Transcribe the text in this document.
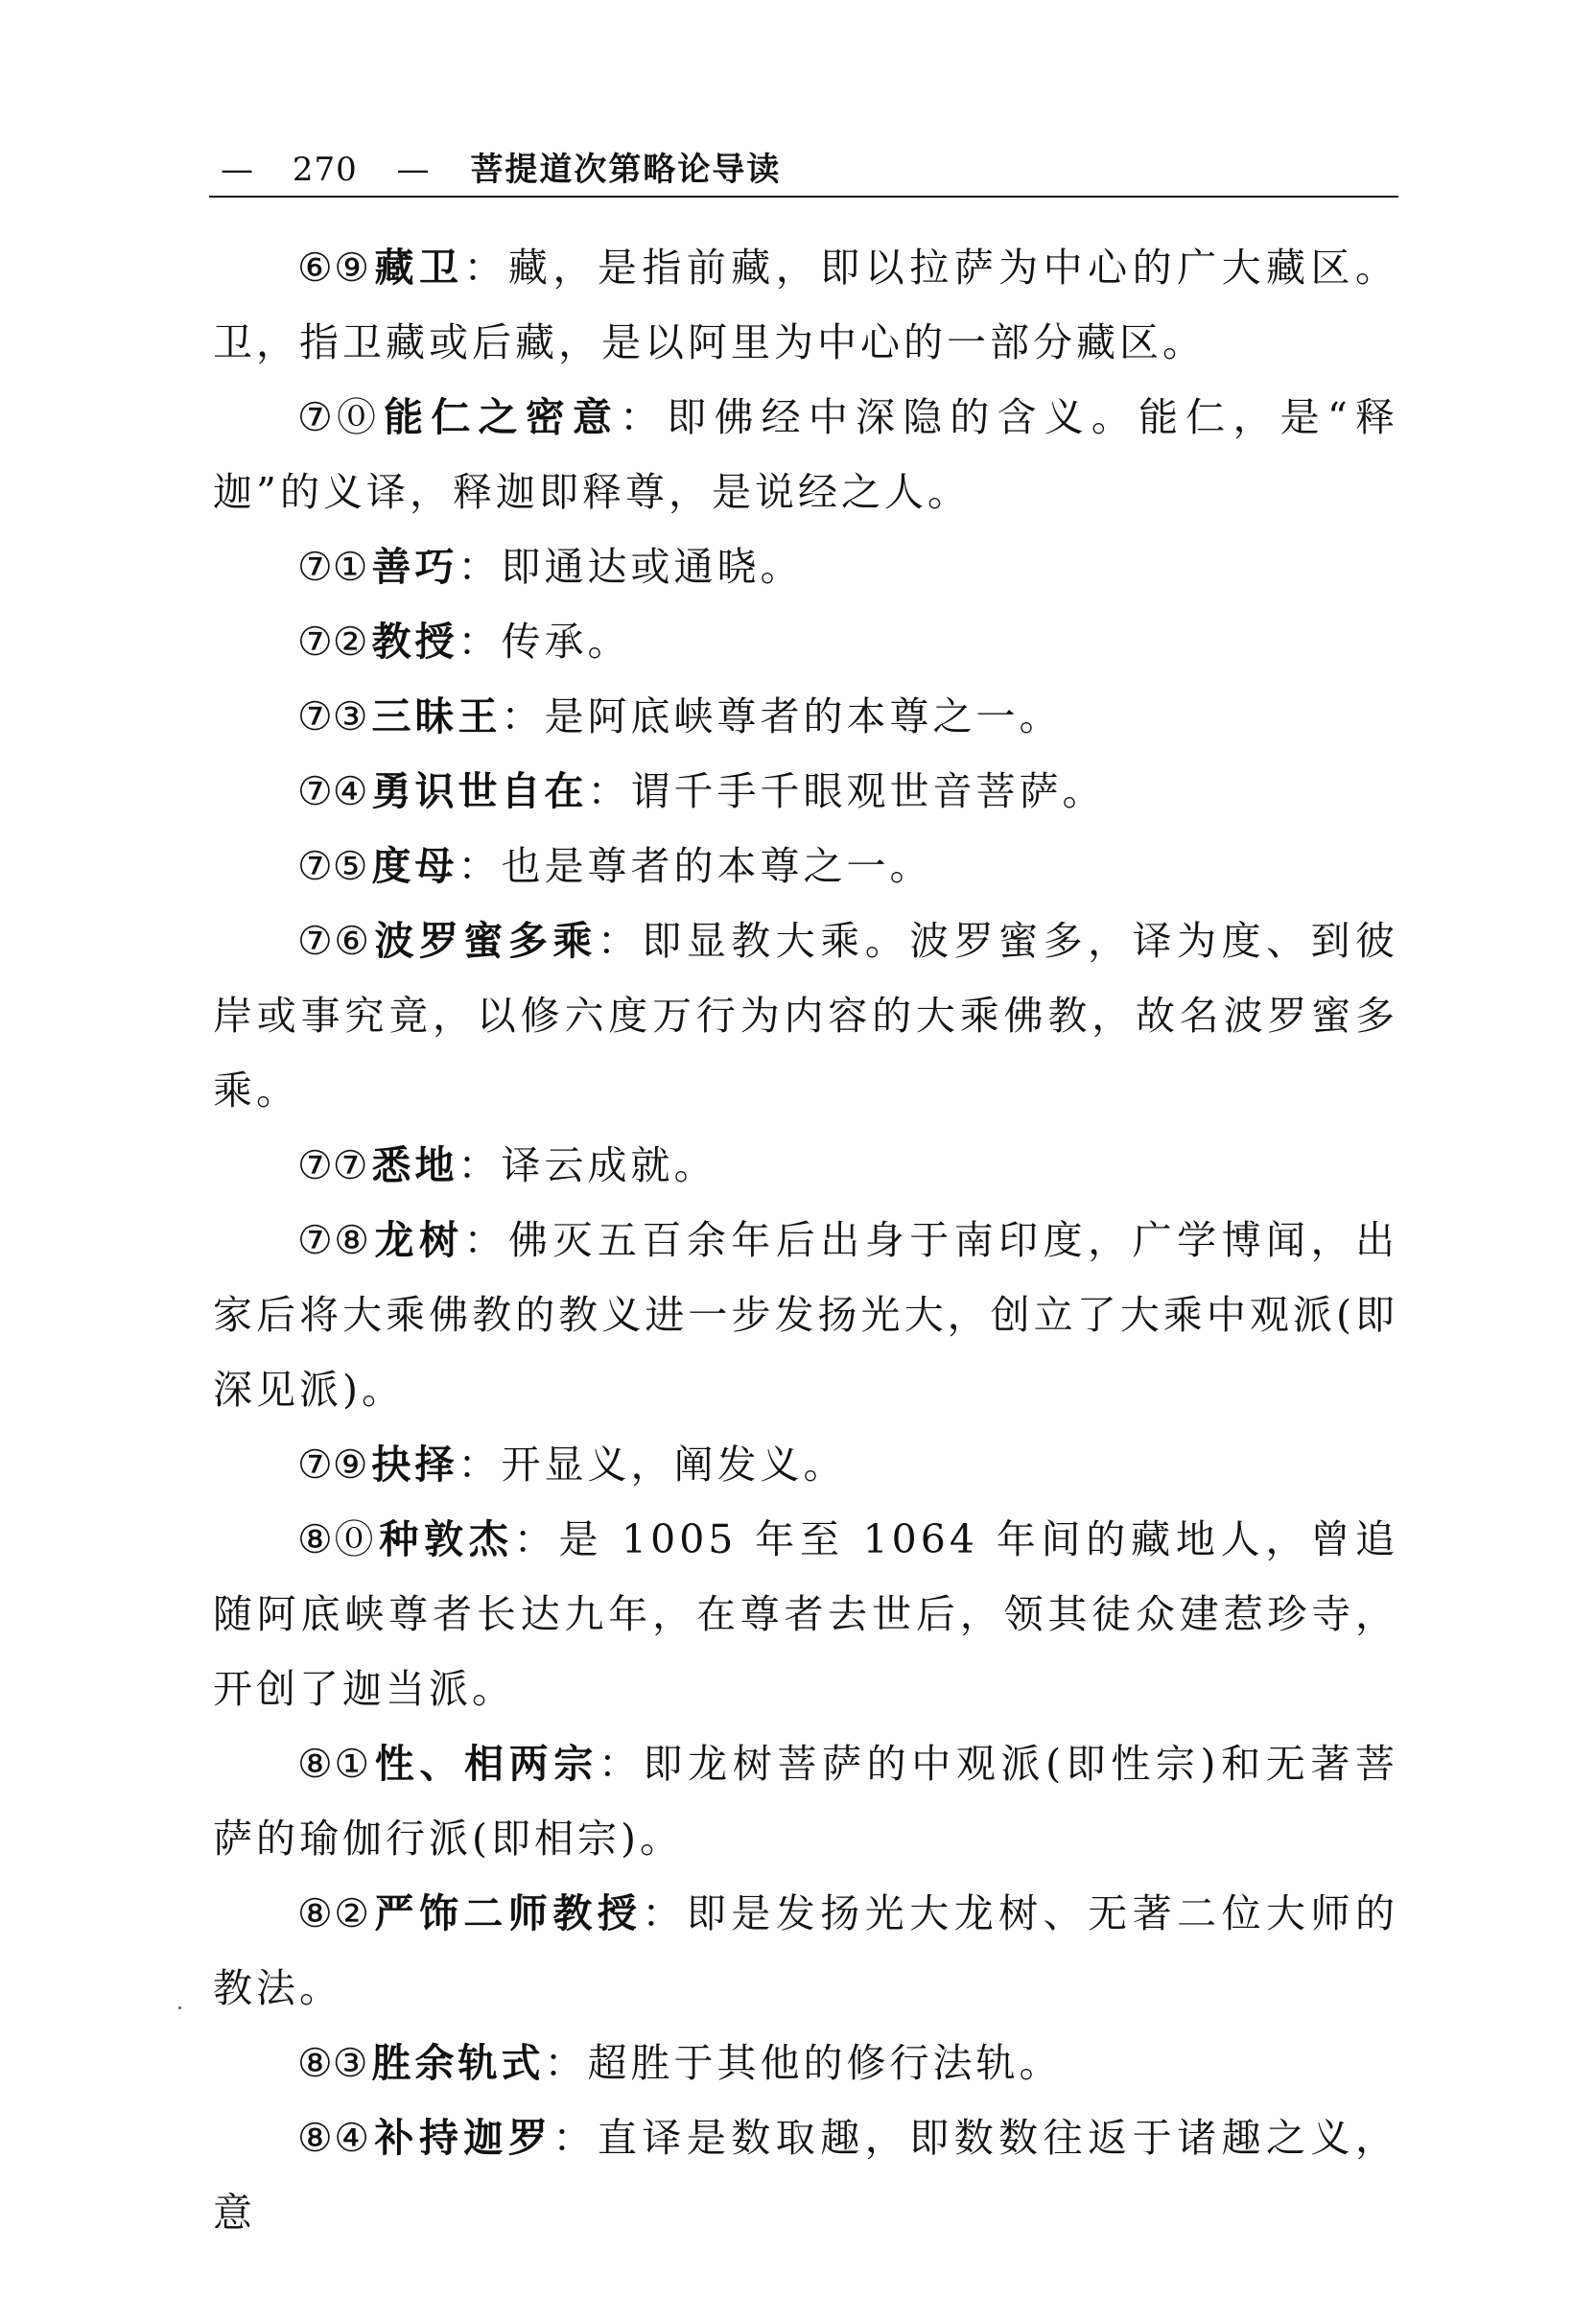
— 270 — 菩提道次第略论导读

⑥⑨藏卫：藏，是指前藏，即以拉萨为中心的广大藏区。卫，指卫藏或后藏，是以阿里为中心的一部分藏区。

⑦⓪能仁之密意：即佛经中深隐的含义。能仁，是“释迦”的义译，释迦即释尊，是说经之人。

⑦①善巧：即通达或通晓。

⑦②教授：传承。

⑦③三昧王：是阿底峡尊者的本尊之一。

⑦④勇识世自在：谓千手千眼观世音菩萨。

⑦⑤度母：也是尊者的本尊之一。

⑦⑥波罗蜜多乘：即显教大乘。波罗蜜多，译为度、到彼岸或事究竟，以修六度万行为内容的大乘佛教，故名波罗蜜多乘。

⑦⑦悉地：译云成就。

⑦⑧龙树：佛灭五百余年后出身于南印度，广学博闻，出家后将大乘佛教的教义进一步发扬光大，创立了大乘中观派(即深见派)。

⑦⑨抉择：开显义，阐发义。

⑧⓪种敦杰：是 1005 年至 1064 年间的藏地人，曾追随阿底峡尊者长达九年，在尊者去世后，领其徒众建惹珍寺，开创了迦当派。

⑧①性、相两宗：即龙树菩萨的中观派(即性宗)和无著菩萨的瑜伽行派(即相宗)。

⑧②严饰二师教授：即是发扬光大龙树、无著二位大师的教法。

⑧③胜余轨式：超胜于其他的修行法轨。

⑧④补持迦罗：直译是数取趣，即数数往返于诸趣之义，意
